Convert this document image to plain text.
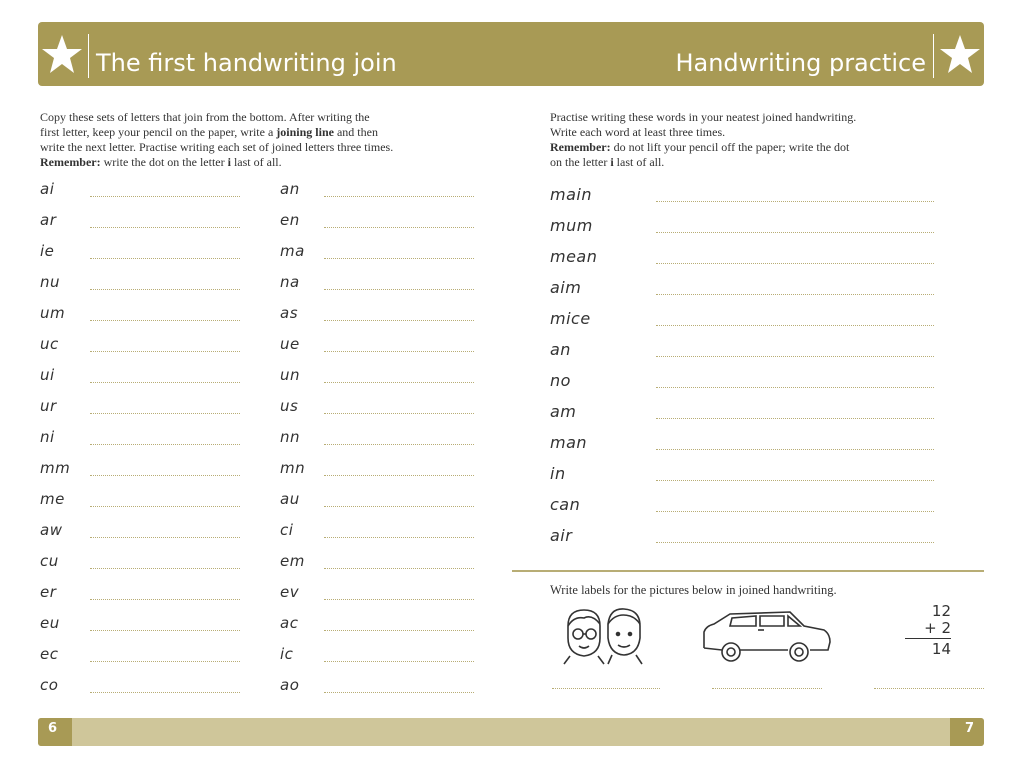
The first handwriting join	Handwriting practice

Copy these sets of letters that join from the bottom. After writing the

first letter, keep your pencil on the paper, write a joining line and then

write the next letter. Practise writing each set of joined letters three times.

Remember: write the dot on the letter i last of all.

ai
ar
ie
nu
um
uc
ui
ur
ni
mm
me
aw
cu
er
eu
ec
co
an
en
ma
na
as
ue
un
us
nn
mn
au
ci
em
ev
ac
ic
ao

Practise writing these words in your neatest joined handwriting.

Write each word at least three times.

Remember: do not lift your pencil off the paper; write the dot

on the letter i last of all.

main
mum
mean
aim
mice
an
no
am
man
in
can
air
Write labels for the pictures below in joined handwriting.
12
+ 2
14
6	7
